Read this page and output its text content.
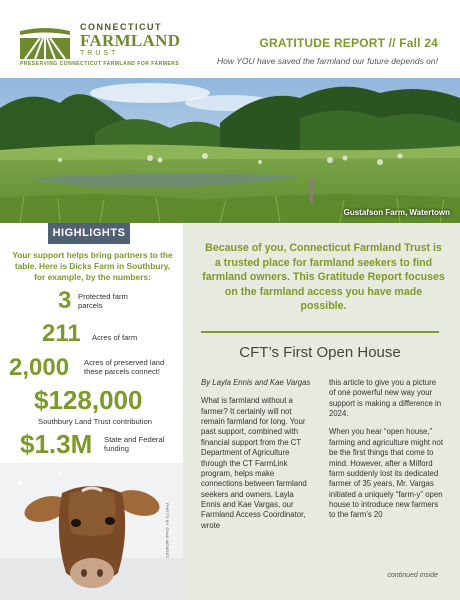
CONNECTICUT
FARMLAND
TRUST
PRESERVING CONNECTICUT FARMLAND FOR FARMERS
GRATITUDE REPORT // Fall 24
How YOU have saved the farmland our future depends on!
Gustafson Farm, Watertown
HIGHLIGHTS
Your support helps bring partners to the table. Here is Dicks Farm in Southbury, for example, by the numbers:
3 Protected farm parcels
211 Acres of farm
2,000 Acres of preserved land these parcels connect!
$128,000
Southbury Land Trust contribution
$1.3M State and Federal funding
PHOTO BY GINA MENDEZ
Because of you, Connecticut Farmland Trust is a trusted place for farmland seekers to find farmland owners. This Gratitude Report focuses on the farmland access you have made possible.
CFT’s First Open House

By Layla Ennis and Kae Vargas

What is farmland without a farmer? It certainly will not remain farmland for long. Your past support, combined with financial support from the CT Department of Agriculture through the CT FarmLink program, helps make connections between farmland seekers and owners. Layla Ennis and Kae Vargas, our Farmland Access Coordinator, wrote

this article to give you a picture of one powerful new way your support is making a difference in 2024.

When you hear “open house,” farming and agriculture might not be the first things that come to mind. However, after a Milford farm suddenly lost its dedicated farmer of 35 years, Mr. Vargas initiated a uniquely “farm-y” open house to introduce new farmers to the farm’s 20

continued inside
